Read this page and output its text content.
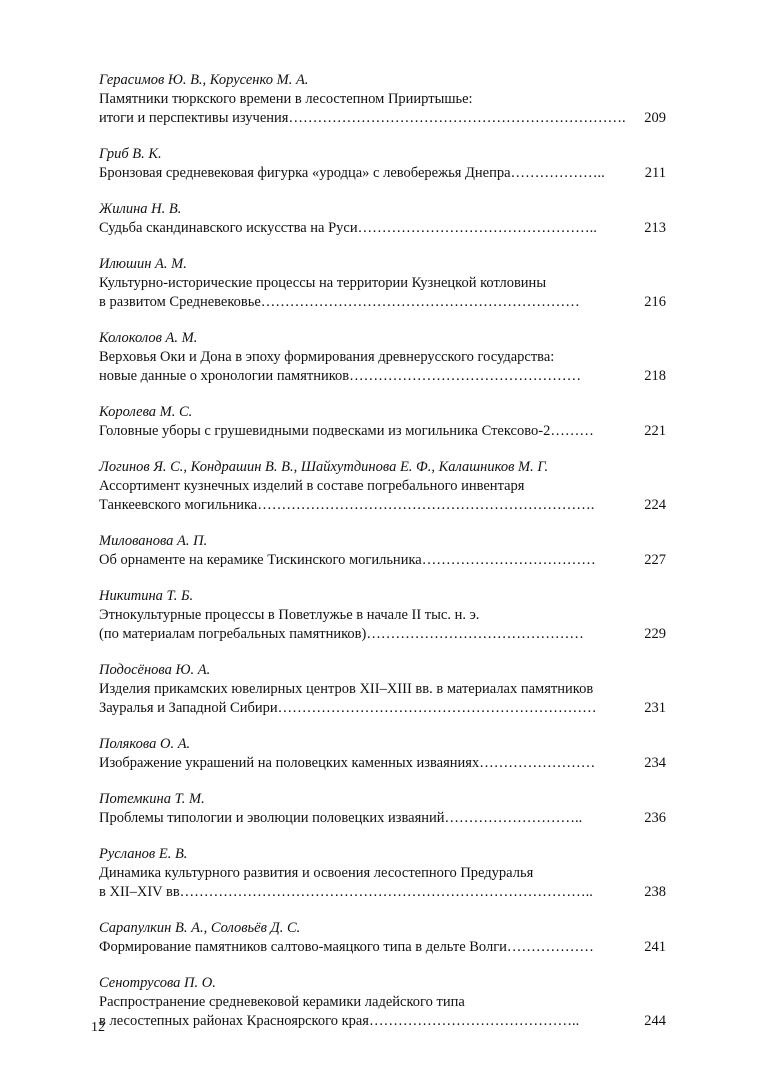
Герасимов Ю. В., Корусенко М. А.
Памятники тюркского времени в лесостепном Прииртышье:
итоги и перспективы изучения…………………………………………………………….	209
Гриб В. К.
Бронзовая средневековая фигурка «уродца» с левобережья Днепра………………..	211
Жилина Н. В.
Судьба скандинавского искусства на Руси…………………………………………..	213
Илюшин А. М.
Культурно-исторические процессы на территории Кузнецкой котловины
в развитом Средневековье…………………………………………………………	216
Колоколов А. М.
Верховья Оки и Дона в эпоху формирования древнерусского государства:
новые данные о хронологии памятников…………………………………………	218
Королева М. С.
Головные уборы с грушевидными подвесками из могильника Стексово-2………	221
Логинов Я. С., Кондрашин В. В., Шайхутдинова Е. Ф., Калашников М. Г.
Ассортимент кузнечных изделий в составе погребального инвентаря
Танкеевского могильника…………………………………………………………….	224
Милованова А. П.
Об орнаменте на керамике Тискинского могильника………………………………	227
Никитина Т. Б.
Этнокультурные процессы в Поветлужье в начале II тыс. н. э.
(по материалам погребальных памятников)………………………………………	229
Подосёнова Ю. А.
Изделия прикамских ювелирных центров XII–XIII вв. в материалах памятников
Зауралья и Западной Сибири…………………………………………………………	231
Полякова О. А.
Изображение украшений на половецких каменных изваяниях……………………	234
Потемкина Т. М.
Проблемы типологии и эволюции половецких изваяний………………………..	236
Русланов Е. В.
Динамика культурного развития и освоения лесостепного Предуралья
в XII–XIV вв…………………………………………………………………………..	238
Сарапулкин В. А., Соловьёв Д. С.
Формирование памятников салтово-маяцкого типа в дельте Волги………………	241
Сенотрусова П. О.
Распространение средневековой керамики ладейского типа
в лесостепных районах Красноярского края……………………………………..	244
12
